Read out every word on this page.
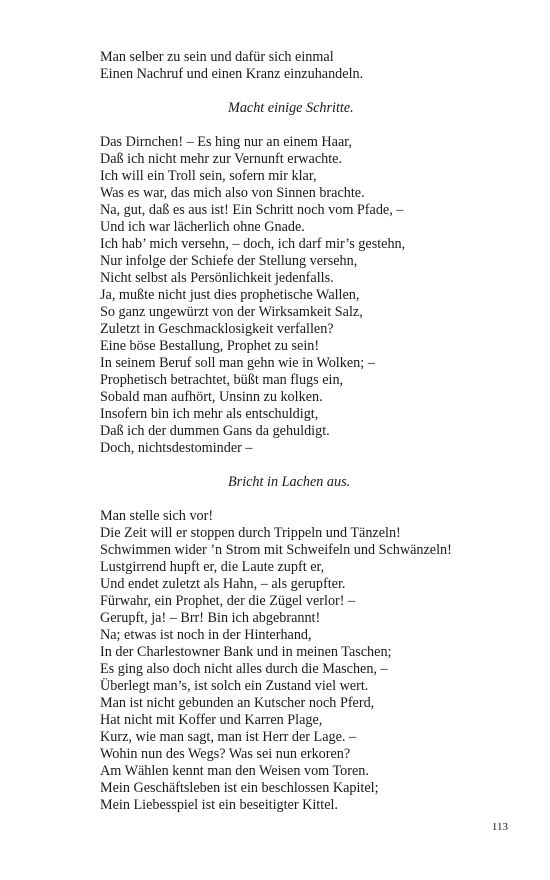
Man selber zu sein und dafür sich einmal
Einen Nachruf und einen Kranz einzuhandeln.
Macht einige Schritte.
Das Dirnchen! – Es hing nur an einem Haar,
Daß ich nicht mehr zur Vernunft erwachte.
Ich will ein Troll sein, sofern mir klar,
Was es war, das mich also von Sinnen brachte.
Na, gut, daß es aus ist! Ein Schritt noch vom Pfade, –
Und ich war lächerlich ohne Gnade.
Ich hab’ mich versehn, – doch, ich darf mir’s gestehn,
Nur infolge der Schiefe der Stellung versehn,
Nicht selbst als Persönlichkeit jedenfalls.
Ja, mußte nicht just dies prophetische Wallen,
So ganz ungewürzt von der Wirksamkeit Salz,
Zuletzt in Geschmacklosigkeit verfallen?
Eine böse Bestallung, Prophet zu sein!
In seinem Beruf soll man gehn wie in Wolken; –
Prophetisch betrachtet, büßt man flugs ein,
Sobald man aufhört, Unsinn zu kolken.
Insofern bin ich mehr als entschuldigt,
Daß ich der dummen Gans da gehuldigt.
Doch, nichtsdestominder –
Bricht in Lachen aus.
Man stelle sich vor!
Die Zeit will er stoppen durch Trippeln und Tänzeln!
Schwimmen wider ’n Strom mit Schweifeln und Schwänzeln!
Lustgirrend hupft er, die Laute zupft er,
Und endet zuletzt als Hahn, – als gerupfter.
Fürwahr, ein Prophet, der die Zügel verlor! –
Gerupft, ja! – Brr! Bin ich abgebrannt!
Na; etwas ist noch in der Hinterhand,
In der Charlestowner Bank und in meinen Taschen;
Es ging also doch nicht alles durch die Maschen, –
Überlegt man’s, ist solch ein Zustand viel wert.
Man ist nicht gebunden an Kutscher noch Pferd,
Hat nicht mit Koffer und Karren Plage,
Kurz, wie man sagt, man ist Herr der Lage. –
Wohin nun des Wegs? Was sei nun erkoren?
Am Wählen kennt man den Weisen vom Toren.
Mein Geschäftsleben ist ein beschlossen Kapitel;
Mein Liebesspiel ist ein beseitigter Kittel.
113
